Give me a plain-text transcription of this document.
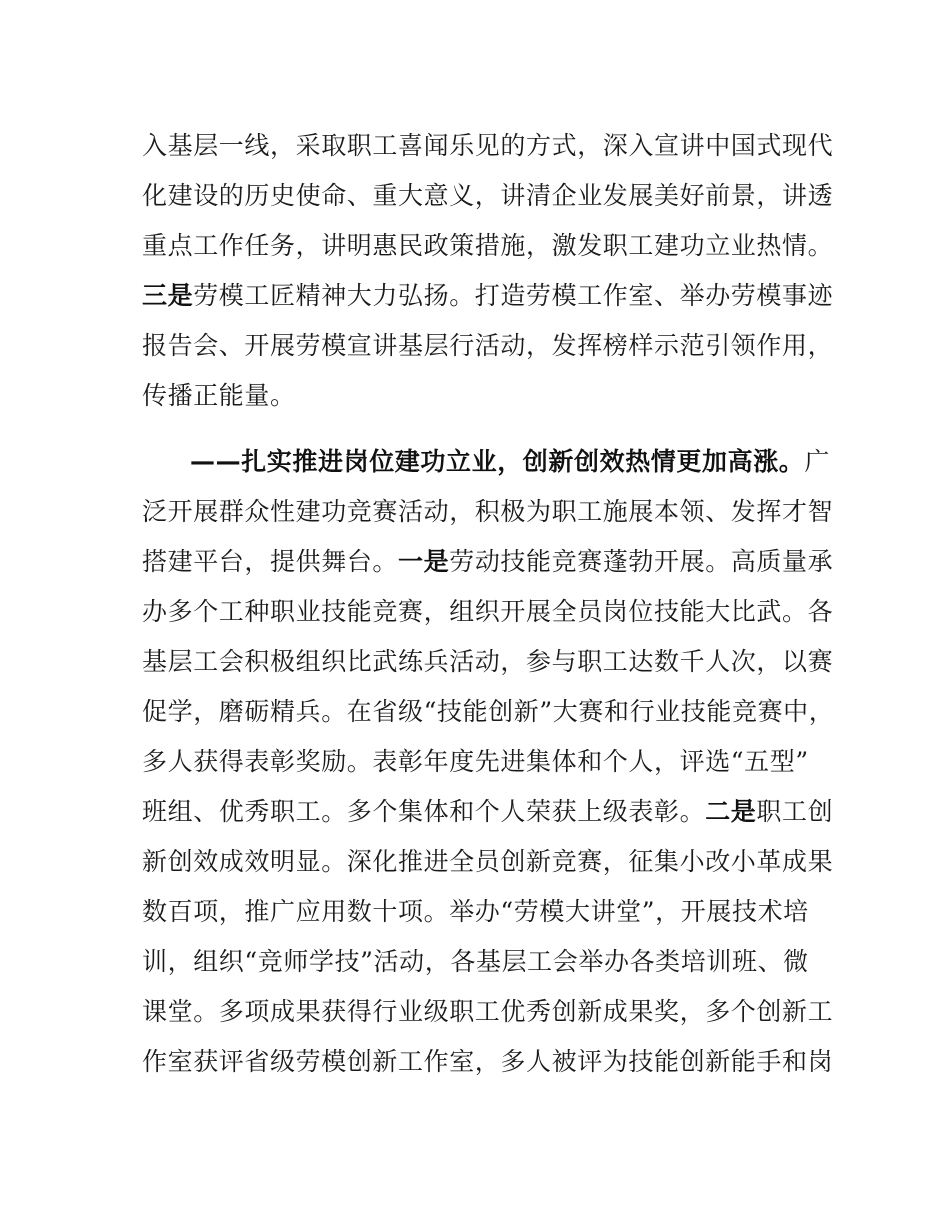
入基层一线，采取职工喜闻乐见的方式，深入宣讲中国式现代
化建设的历史使命、重大意义，讲清企业发展美好前景，讲透
重点工作任务，讲明惠民政策措施，激发职工建功立业热情。
三是劳模工匠精神大力弘扬。打造劳模工作室、举办劳模事迹
报告会、开展劳模宣讲基层行活动，发挥榜样示范引领作用，
传播正能量。
——扎实推进岗位建功立业，创新创效热情更加高涨。广
泛开展群众性建功竞赛活动，积极为职工施展本领、发挥才智
搭建平台，提供舞台。一是劳动技能竞赛蓬勃开展。高质量承
办多个工种职业技能竞赛，组织开展全员岗位技能大比武。各
基层工会积极组织比武练兵活动，参与职工达数千人次，以赛
促学，磨砺精兵。在省级“技能创新”大赛和行业技能竞赛中，
多人获得表彰奖励。表彰年度先进集体和个人，评选“五型”
班组、优秀职工。多个集体和个人荣获上级表彰。二是职工创
新创效成效明显。深化推进全员创新竞赛，征集小改小革成果
数百项，推广应用数十项。举办“劳模大讲堂”，开展技术培
训，组织“竞师学技”活动，各基层工会举办各类培训班、微
课堂。多项成果获得行业级职工优秀创新成果奖，多个创新工
作室获评省级劳模创新工作室，多人被评为技能创新能手和岗
